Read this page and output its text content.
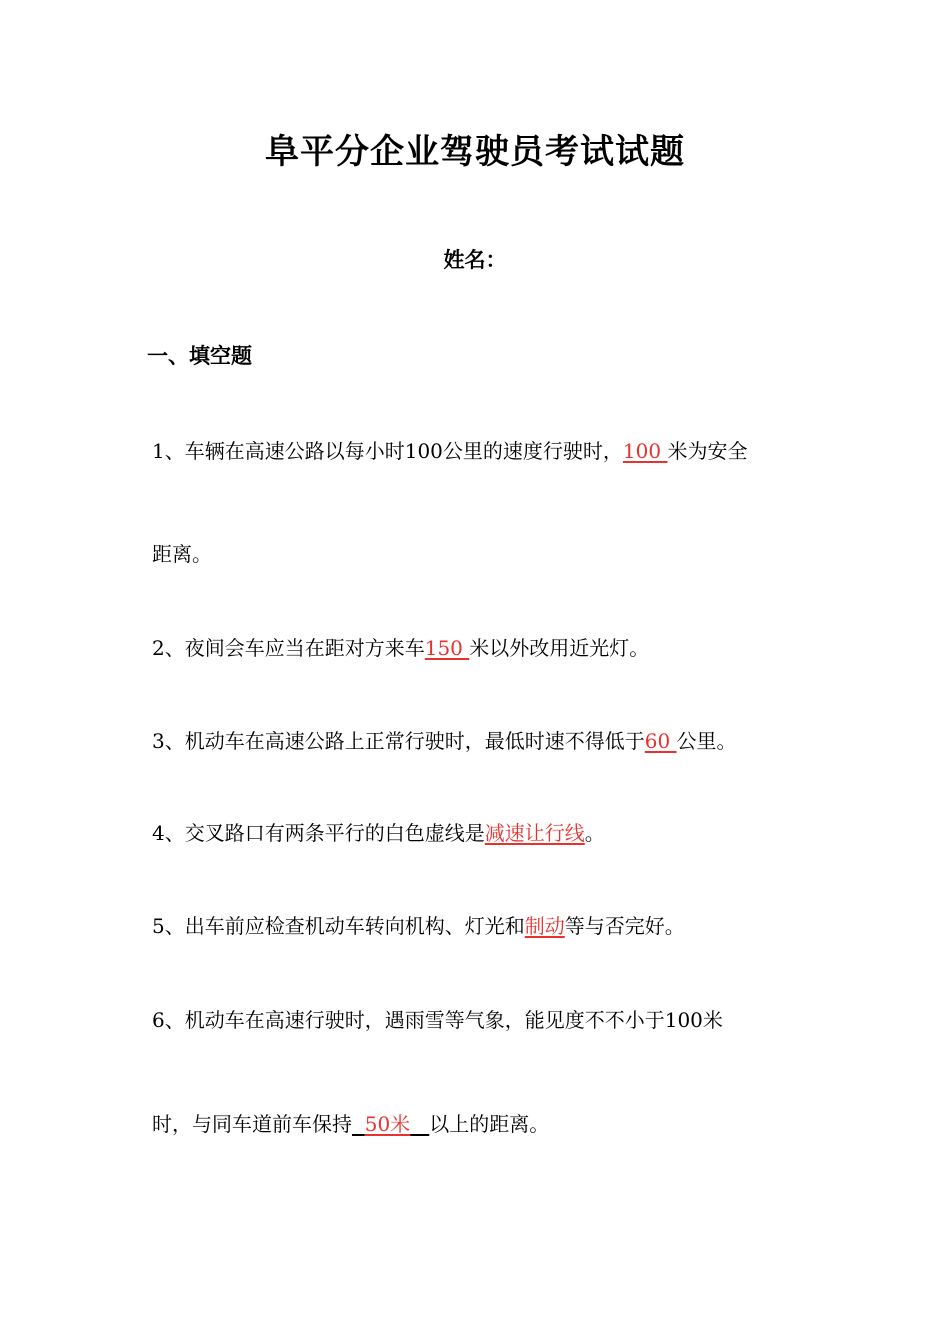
阜平分企业驾驶员考试试题
姓名：
一、填空题
1、车辆在高速公路以每小时100公里的速度行驶时，100 米为安全
距离。
2、夜间会车应当在距对方来车150 米以外改用近光灯。
3、机动车在高速公路上正常行驶时，最低时速不得低于60 公里。
4、交叉路口有两条平行的白色虚线是减速让行线。
5、出车前应检查机动车转向机构、灯光和制动等与否完好。
6、机动车在高速行驶时，遇雨雪等气象，能见度不不小于100米
时，与同车道前车保持 50米 以上的距离。
